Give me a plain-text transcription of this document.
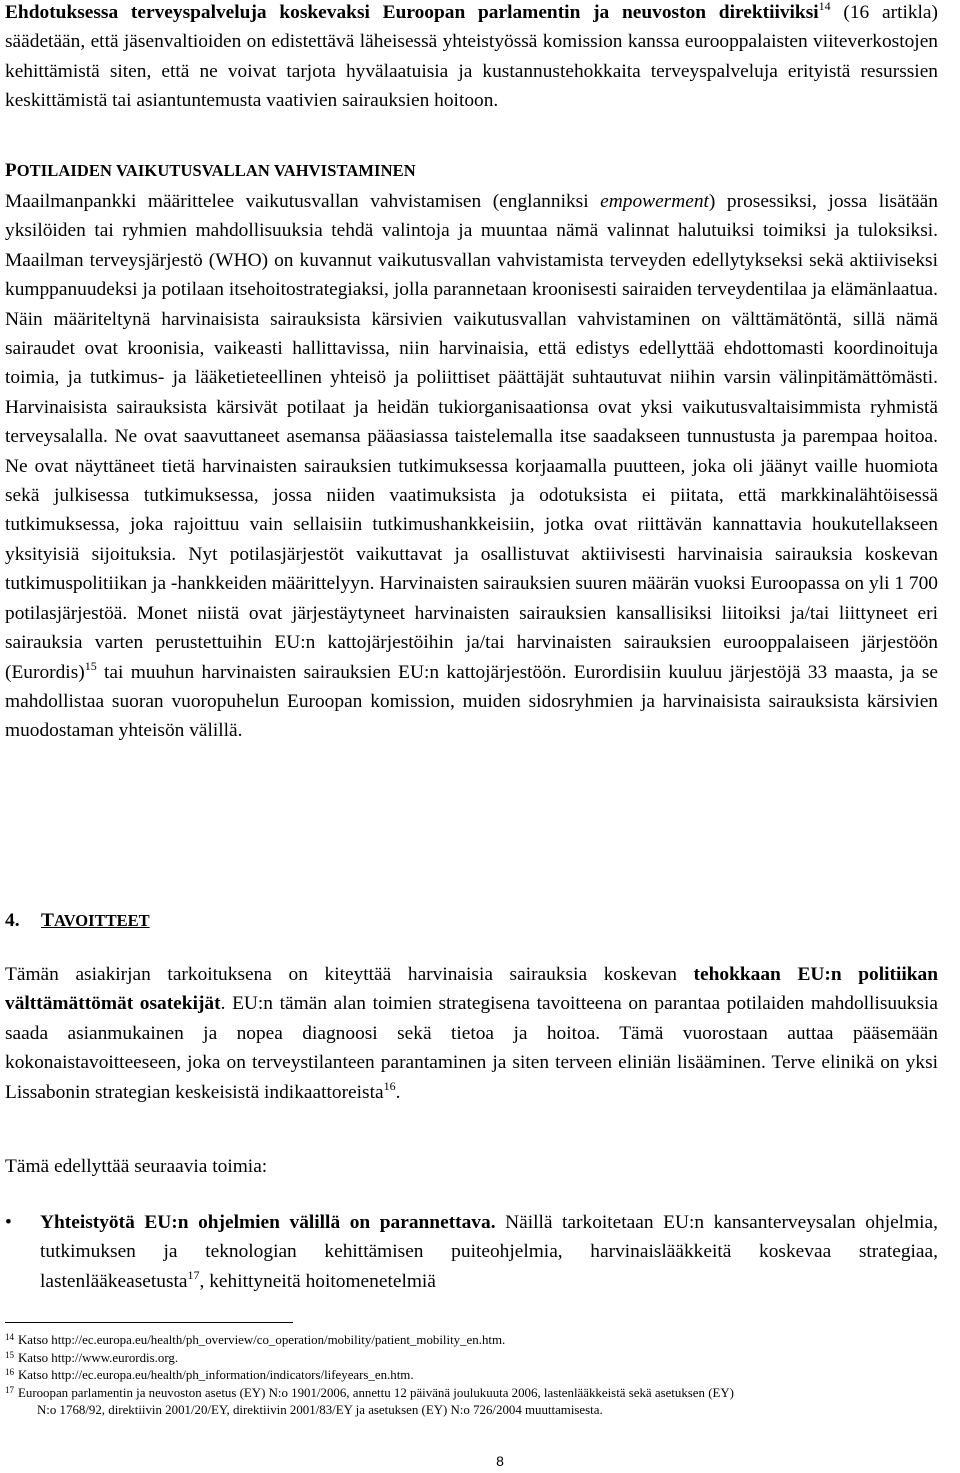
Ehdotuksessa terveyspalveluja koskevaksi Euroopan parlamentin ja neuvoston direktiiviksi$^{14}$ (16 artikla) säädetään, että jäsenvaltioiden on edistettävä läheisessä yhteistyössä komission kanssa eurooppalaisten viiteverkostojen kehittämistä siten, että ne voivat tarjota hyvälaatuisia ja kustannustehokkaita terveyspalveluja erityistä resurssien keskittämistä tai asiantuntemusta vaativien sairauksien hoitoon.

POTILAIDEN VAIKUTUSVALLAN VAHVISTAMINEN

Maailmanpankki määrittelee vaikutusvallan vahvistamisen (englanniksi empowerment) prosessiksi, jossa lisätään yksilöiden tai ryhmien mahdollisuuksia tehdä valintoja ja muuntaa nämä valinnat halutuiksi toimiksi ja tuloksiksi. Maailman terveysjärjestö (WHO) on kuvannut vaikutusvallan vahvistamista terveyden edellytykseksi sekä aktiiviseksi kumppanuudeksi ja potilaan itsehoitostrategiaksi, jolla parannetaan kroonisesti sairaiden terveydentilaa ja elämänlaatua. Näin määriteltynä harvinaisista sairauksista kärsivien vaikutusvallan vahvistaminen on välttämätöntä, sillä nämä sairaudet ovat kroonisia, vaikeasti hallittavissa, niin harvinaisia, että edistys edellyttää ehdottomasti koordinoituja toimia, ja tutkimus- ja lääketieteellinen yhteisö ja poliittiset päättäjät suhtautuvat niihin varsin välinpitämättömästi. Harvinaisista sairauksista kärsivät potilaat ja heidän tukiorganisaationsa ovat yksi vaikutusvaltaisimmista ryhmistä terveysalalla. Ne ovat saavuttaneet asemansa pääasiassa taistelemalla itse saadakseen tunnustusta ja parempaa hoitoa. Ne ovat näyttäneet tietä harvinaisten sairauksien tutkimuksessa korjaamalla puutteen, joka oli jäänyt vaille huomiota sekä julkisessa tutkimuksessa, jossa niiden vaatimuksista ja odotuksista ei piitata, että markkinalähtöisessä tutkimuksessa, joka rajoittuu vain sellaisiin tutkimushankkeisiin, jotka ovat riittävän kannattavia houkutellakseen yksityisiä sijoituksia. Nyt potilasjärjestöt vaikuttavat ja osallistuvat aktiivisesti harvinaisia sairauksia koskevan tutkimuspolitiikan ja -hankkeiden määrittelyyn. Harvinaisten sairauksien suuren määrän vuoksi Euroopassa on yli 1 700 potilasjärjestöä. Monet niistä ovat järjestäytyneet harvinaisten sairauksien kansallisiksi liitoiksi ja/tai liittyneet eri sairauksia varten perustettuihin EU:n kattojärjestöihin ja/tai harvinaisten sairauksien eurooppalaiseen järjestöön (Eurordis)$^{15}$ tai muuhun harvinaisten sairauksien EU:n kattojärjestöön. Eurordisiin kuuluu järjestöjä 33 maasta, ja se mahdollistaa suoran vuoropuhelun Euroopan komission, muiden sidosryhmien ja harvinaisista sairauksista kärsivien muodostaman yhteisön välillä.

4. TAVOITTEET

Tämän asiakirjan tarkoituksena on kiteyttää harvinaisia sairauksia koskevan tehokkaan EU:n politiikan välttämättömät osatekijät. EU:n tämän alan toimien strategisena tavoitteena on parantaa potilaiden mahdollisuuksia saada asianmukainen ja nopea diagnoosi sekä tietoa ja hoitoa. Tämä vuorostaan auttaa pääsemään kokonaistavoitteeseen, joka on terveystilanteen parantaminen ja siten terveen eliniän lisääminen. Terve elinikä on yksi Lissabonin strategian keskeisistä indikaattoreista$^{16}$.

Tämä edellyttää seuraavia toimia:

• Yhteistyötä EU:n ohjelmien välillä on parannettava. Näillä tarkoitetaan EU:n kansanterveysalan ohjelmia, tutkimuksen ja teknologian kehittämisen puiteohjelmia, harvinaislääkkeitä koskevaa strategiaa, lastenlääkeasetusta$^{17}$, kehittyneitä hoitomenetelmiä

$^{14}$ Katso http://ec.europa.eu/health/ph_overview/co_operation/mobility/patient_mobility_en.htm.

$^{15}$ Katso http://www.eurordis.org.

$^{16}$ Katso http://ec.europa.eu/health/ph_information/indicators/lifeyears_en.htm.

$^{17}$ Euroopan parlamentin ja neuvoston asetus (EY) N:o 1901/2006, annettu 12 päivänä joulukuuta 2006, lastenlääkkeistä sekä asetuksen (EY)

N:o 1768/92, direktiivin 2001/20/EY, direktiivin 2001/83/EY ja asetuksen (EY) N:o 726/2004 muuttamisesta.

8
